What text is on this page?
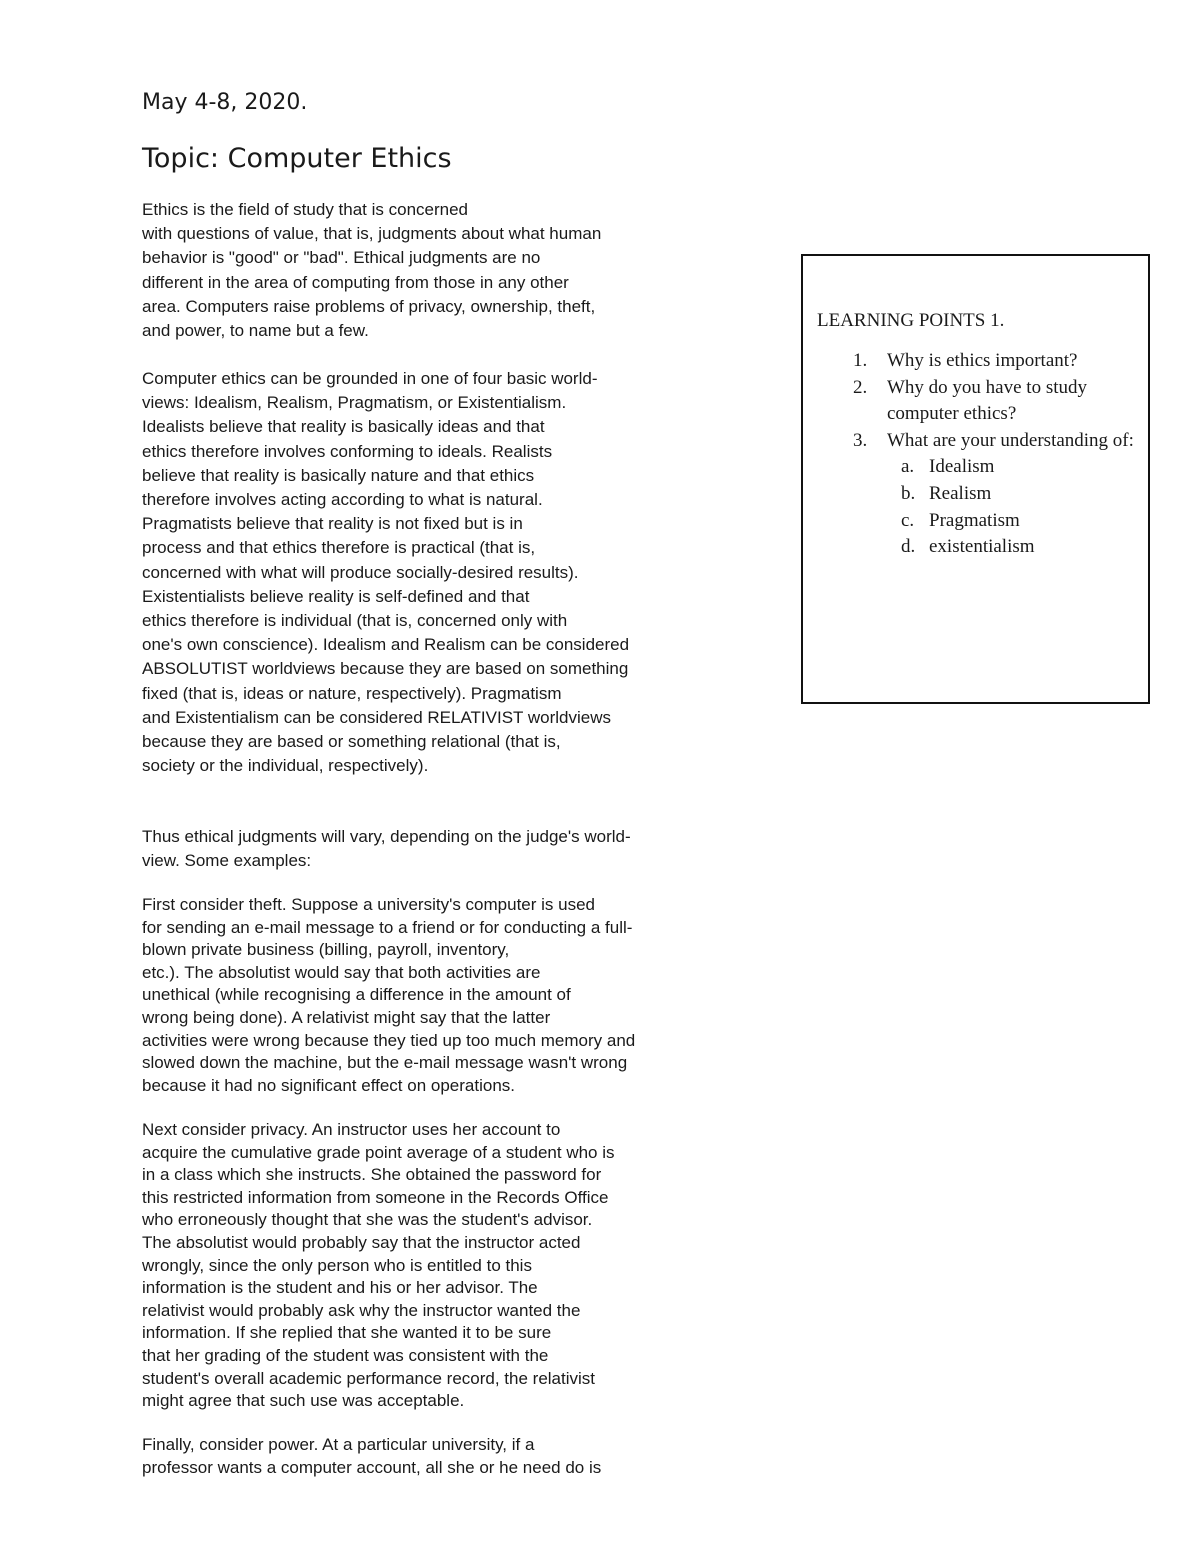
May 4-8, 2020.
Topic: Computer Ethics

Ethics is the field of study that is concerned
with questions of value, that is, judgments about what human
behavior is "good" or "bad". Ethical judgments are no
different in the area of computing from those in any other
area. Computers raise problems of privacy, ownership, theft,
and power, to name but a few.

Computer ethics can be grounded in one of four basic world-
views: Idealism, Realism, Pragmatism, or Existentialism.
Idealists believe that reality is basically ideas and that
ethics therefore involves conforming to ideals. Realists
believe that reality is basically nature and that ethics
therefore involves acting according to what is natural.
Pragmatists believe that reality is not fixed but is in
process and that ethics therefore is practical (that is,
concerned with what will produce socially-desired results).
Existentialists believe reality is self-defined and that
ethics therefore is individual (that is, concerned only with
one's own conscience). Idealism and Realism can be considered
ABSOLUTIST worldviews because they are based on something
fixed (that is, ideas or nature, respectively). Pragmatism
and Existentialism can be considered RELATIVIST worldviews
because they are based or something relational (that is,
society or the individual, respectively).

Thus ethical judgments will vary, depending on the judge's world-
view. Some examples:

First consider theft. Suppose a university's computer is used
for sending an e-mail message to a friend or for conducting a full-
blown private business (billing, payroll, inventory,
etc.). The absolutist would say that both activities are
unethical (while recognising a difference in the amount of
wrong being done). A relativist might say that the latter
activities were wrong because they tied up too much memory and
slowed down the machine, but the e-mail message wasn't wrong
because it had no significant effect on operations.

Next consider privacy. An instructor uses her account to
acquire the cumulative grade point average of a student who is
in a class which she instructs. She obtained the password for
this restricted information from someone in the Records Office
who erroneously thought that she was the student's advisor.
The absolutist would probably say that the instructor acted
wrongly, since the only person who is entitled to this
information is the student and his or her advisor. The
relativist would probably ask why the instructor wanted the
information. If she replied that she wanted it to be sure
that her grading of the student was consistent with the
student's overall academic performance record, the relativist
might agree that such use was acceptable.

Finally, consider power. At a particular university, if a
professor wants a computer account, all she or he need do is

LEARNING POINTS 1.

1. Why is ethics important?
2. Why do you have to study computer ethics?
3. What are your understanding of:
a. Idealism
b. Realism
c. Pragmatism
d. existentialism
